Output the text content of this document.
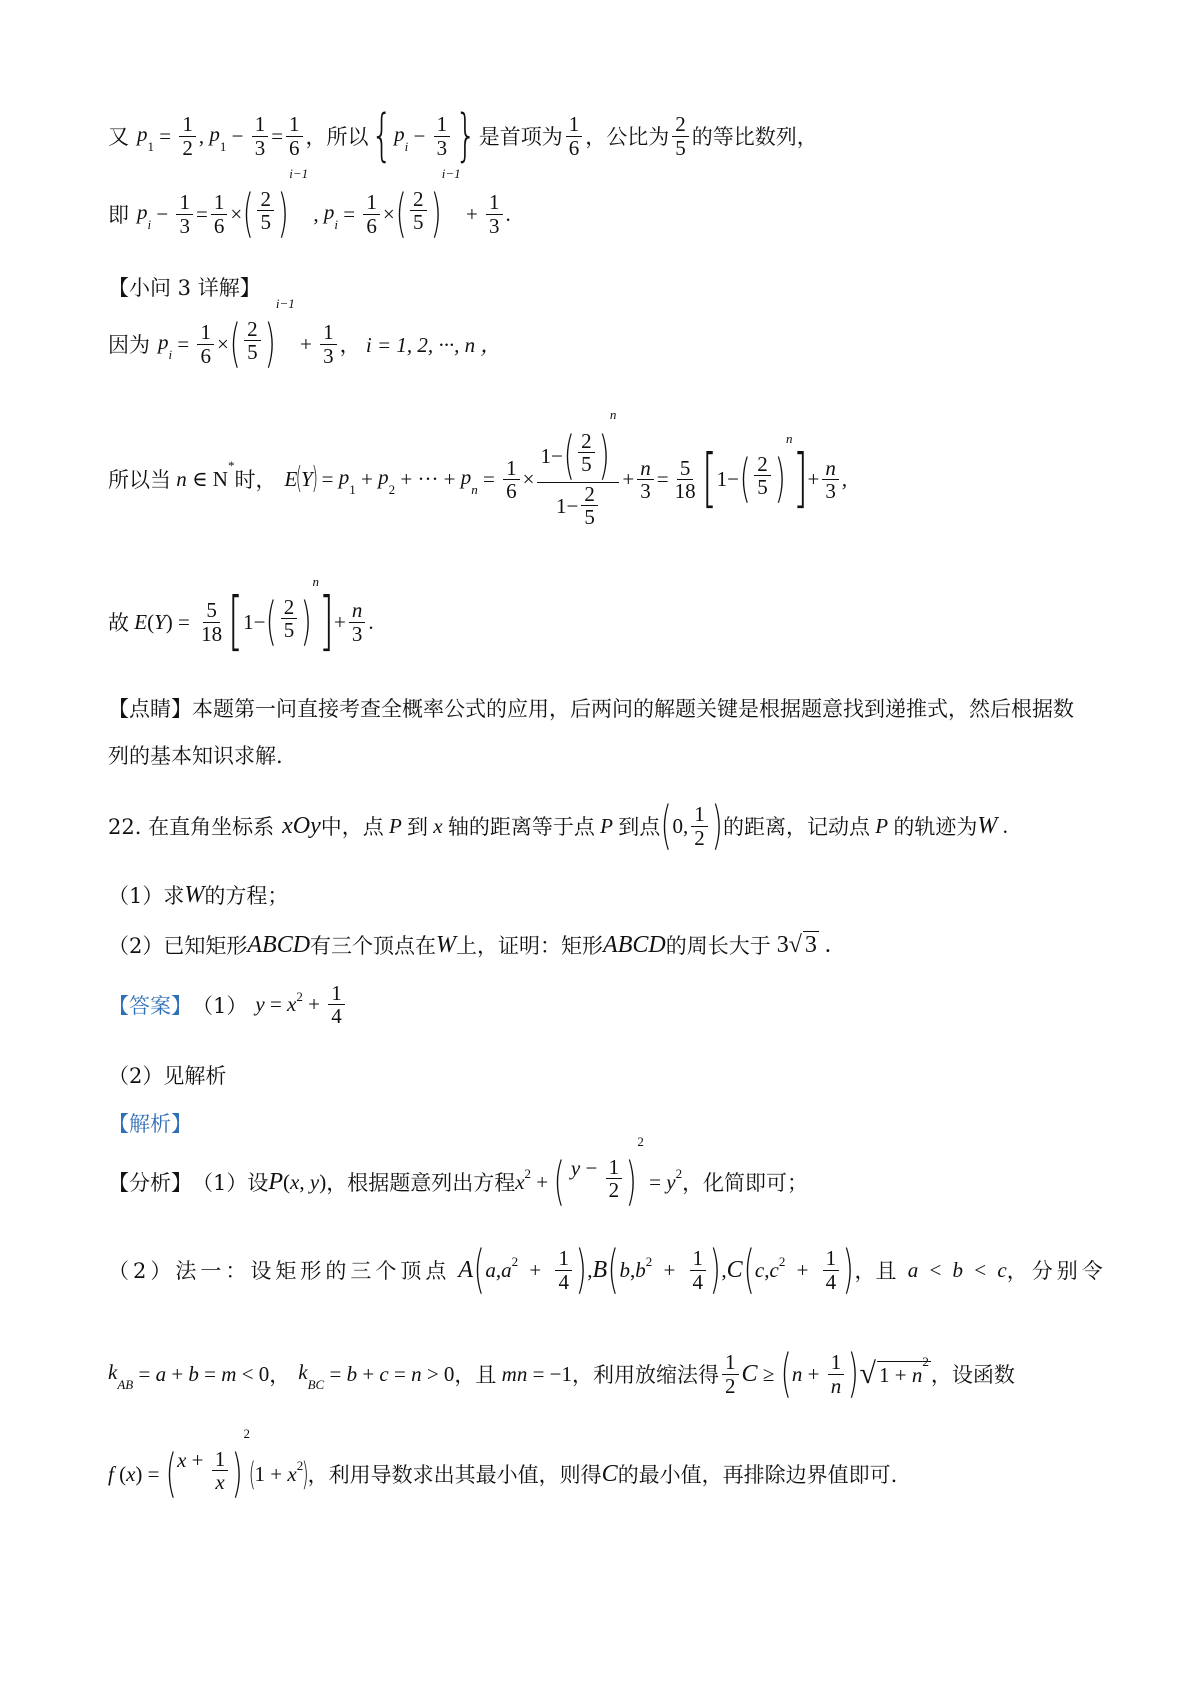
又 $p_1 = \frac{1}{2}$ , $p_1 - \frac{1}{3} = \frac{1}{6}$ ，所以 { $p_i - \frac{1}{3}$ } 是首项为 $\frac{1}{6}$ ，公比为 $\frac{2}{5}$ 的等比数列，
即 $p_i - \frac{1}{3} = \frac{1}{6}$ × ( $\frac{2}{5}$ )
$^{i-1}$
, $p_i = \frac{1}{6}$ × ( $\frac{2}{5}$ )
$^{i-1}$
+ $\frac{1}{3}$ .
【小问 3 详解】
因为 $p_i = \frac{1}{6}$ × ( $\frac{2}{5}$ )
$^{i-1}$
+ $\frac{1}{3}$ ， i = 1, 2, ···, n ，
所以当 n ∈ N*
时， E
(
Y
)
= $p_1 + p_2$ + ··· + $p_n = \frac{1}{6} \times 1-$ ( $\frac{2}{5}$ )
$^n$
$1- \frac{2}{5} + \frac{n}{3} = \frac{5}{18}$ [ 1− ( $\frac{2}{5}$ )
$^n$
] + $\frac{n}{3}$ ,
故 E ( Y ) = $\frac{5}{18}$ [ 1− ( $\frac{2}{5}$ )
$^n$
] + $\frac{n}{3}$ .
【点睛】本题第一问直接考查全概率公式的应用，后两问的解题关键是根据题意找到递推式，然后根据数
列的基本知识求解.
22. 在直角坐标系 xOy 中，点 P 到 x 轴的距离等于点 P 到点 ( 0, $\frac{1}{2}$ ) 的距离，记动点 P 的轨迹为 W .
（1）求 W 的方程；
（2）已知矩形 ABCD 有三个顶点在 W 上，证明：矩形 ABCD 的周长大于 3√ 3 .
【答案】 （1） $y = x^2 + \frac{1}{4}$
（2）见解析
【解析】
【分析】 （1）设 P ( x , y ) ，根据题意列出方程 $x^2$ + ( $y - \frac{1}{2}$ )
$^2$
= $y^2$ ，化简即可；
（2）法一：设矩形的三个顶点 A ( a , $a^2 + \frac{1}{4}$ ) , B ( b , $b^2 + \frac{1}{4}$ ) , C ( c , $c^2 + \frac{1}{4}$ ) ，且 a < b < c ，分别令
$k_{AB} = a + b = m < 0$ ， $k_{BC} = b + c = n > 0$ ，且 mn = −1 ，利用放缩法得 $\frac{1}{2}$ C ≥ ( $n + \frac{1}{n}$ ) √ $1 + n^2$
，设函数
f ( x ) = ( $x + \frac{1}{x}$ )
$^2$
(
$1 + x^2$
)
，利用导数求出其最小值，则得 C 的最小值，再排除边界值即可.
